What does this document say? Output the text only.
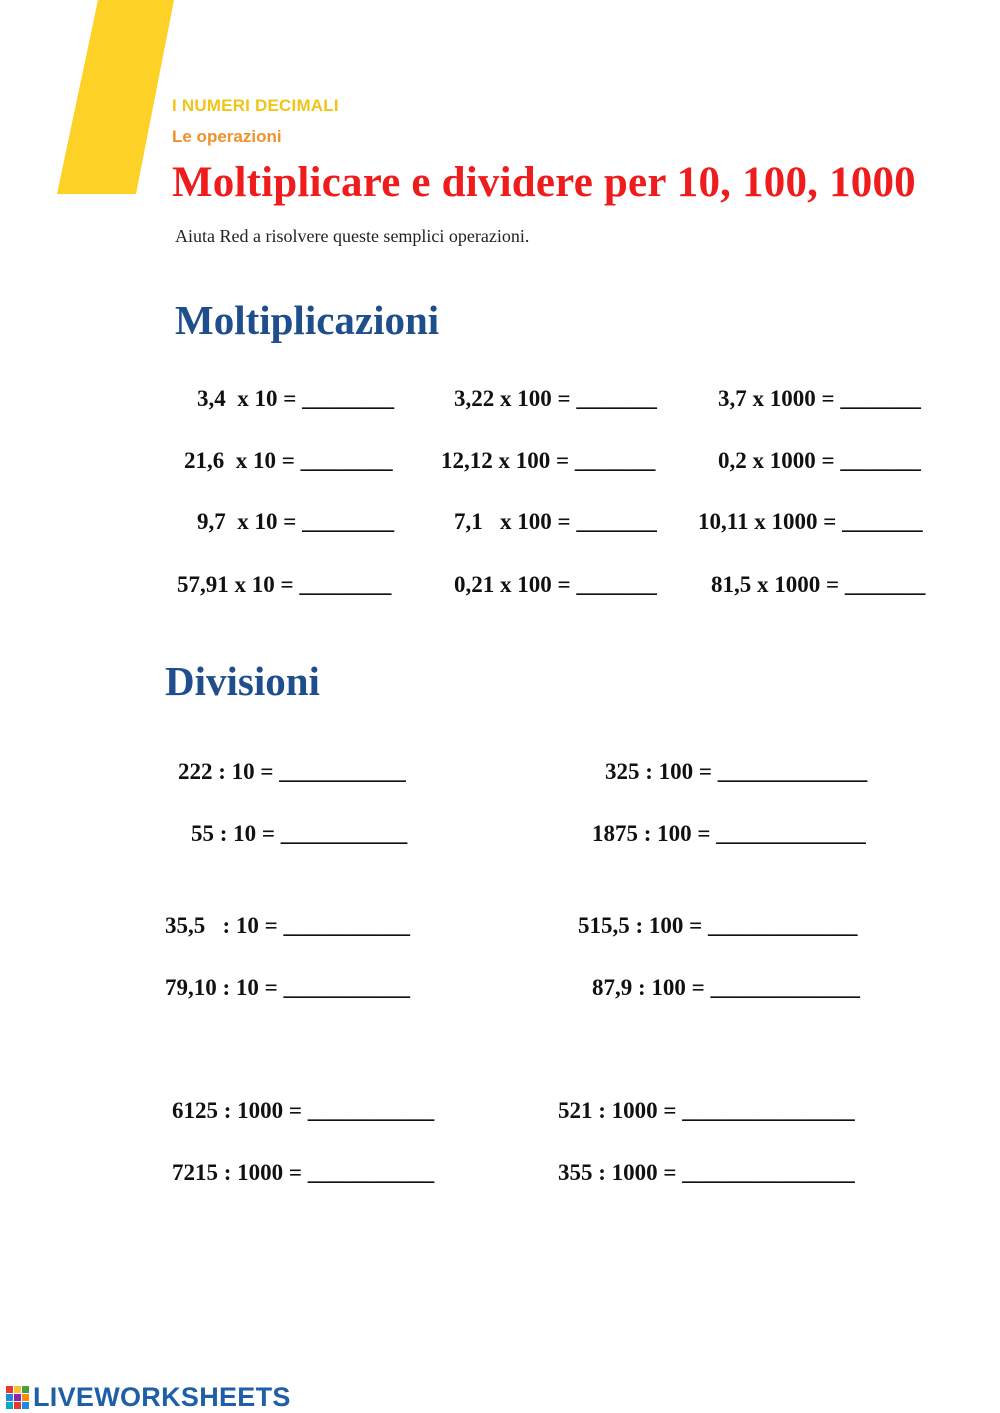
I NUMERI DECIMALI
Le operazioni
Moltiplicare e dividere per 10, 100, 1000
Aiuta Red a risolvere queste semplici operazioni.
Moltiplicazioni
3,4  x 10 = ________	3,22 x 100 = _______	3,7 x 1000 = _______
21,6  x 10 = ________ 12,12 x 100 = _______	0,2 x 1000 = _______
9,7  x 10 = ________	7,1   x 100 = _______ 10,11 x 1000 = _______
57,91 x 10 = ________	0,21 x 100 = _______ 81,5 x 1000 = _______
Divisioni
222 : 10 = ___________	325 : 100 = _____________
55 : 10 = ___________	1875 : 100 = _____________
35,5   : 10 = ___________	515,5 : 100 = _____________
79,10 : 10 = ___________	87,9 : 100 = _____________
6125 : 1000 = ___________	521 : 1000 = _______________
7215 : 1000 = ___________	355 : 1000 = _______________
LIVEWORKSHEETS
